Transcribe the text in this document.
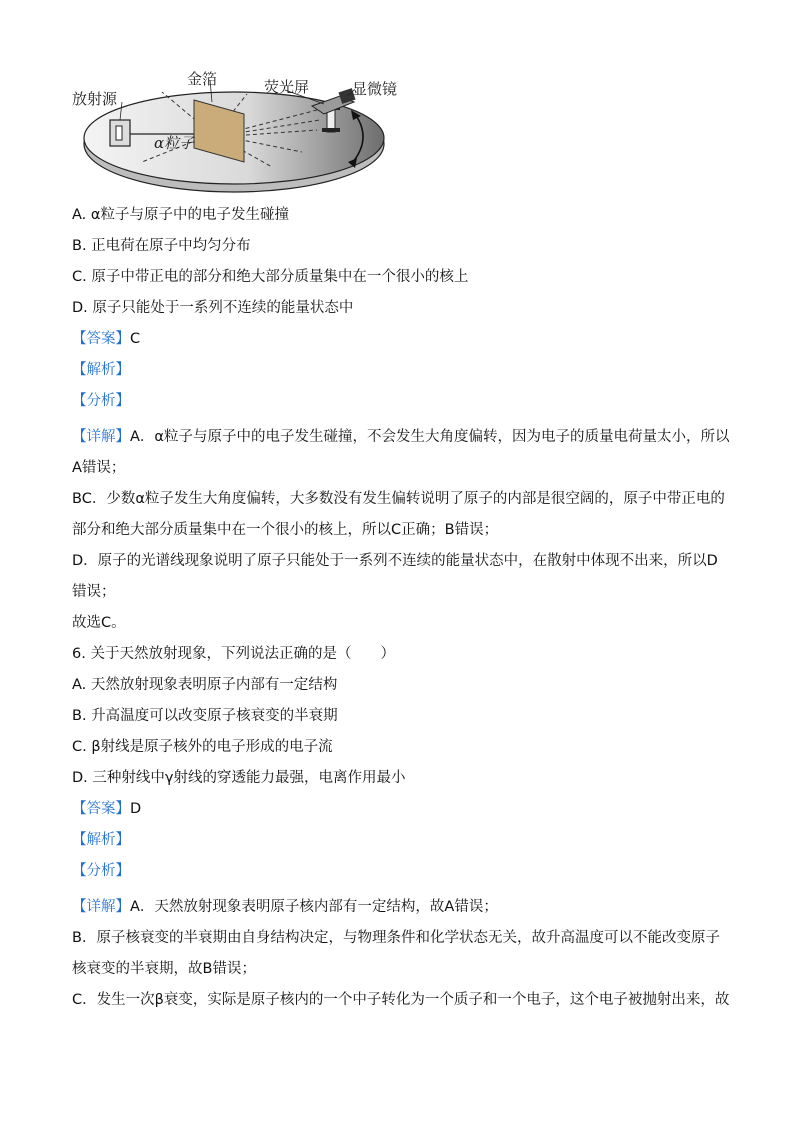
放射源
金箔	荧光屏	显微镜
α粒子

A. α粒子与原子中的电子发生碰撞

B. 正电荷在原子中均匀分布

C. 原子中带正电的部分和绝大部分质量集中在一个很小的核上

D. 原子只能处于一系列不连续的能量状态中

【答案】C

【解析】

【分析】

【详解】A．α粒子与原子中的电子发生碰撞，不会发生大角度偏转，因为电子的质量电荷量太小，所以A错误；

BC．少数α粒子发生大角度偏转，大多数没有发生偏转说明了原子的内部是很空阔的，原子中带正电的部分和绝大部分质量集中在一个很小的核上，所以C正确；B错误；

D．原子的光谱线现象说明了原子只能处于一系列不连续的能量状态中，在散射中体现不出来，所以D错误；

故选C。

6. 关于天然放射现象，下列说法正确的是（　　）

A. 天然放射现象表明原子内部有一定结构

B. 升高温度可以改变原子核衰变的半衰期

C. β射线是原子核外的电子形成的电子流

D. 三种射线中γ射线的穿透能力最强，电离作用最小

【答案】D

【解析】

【分析】

【详解】A．天然放射现象表明原子核内部有一定结构，故A错误；

B．原子核衰变的半衰期由自身结构决定，与物理条件和化学状态无关，故升高温度可以不能改变原子核衰变的半衰期，故B错误；

C．发生一次β衰变，实际是原子核内的一个中子转化为一个质子和一个电子，这个电子被抛射出来，故
